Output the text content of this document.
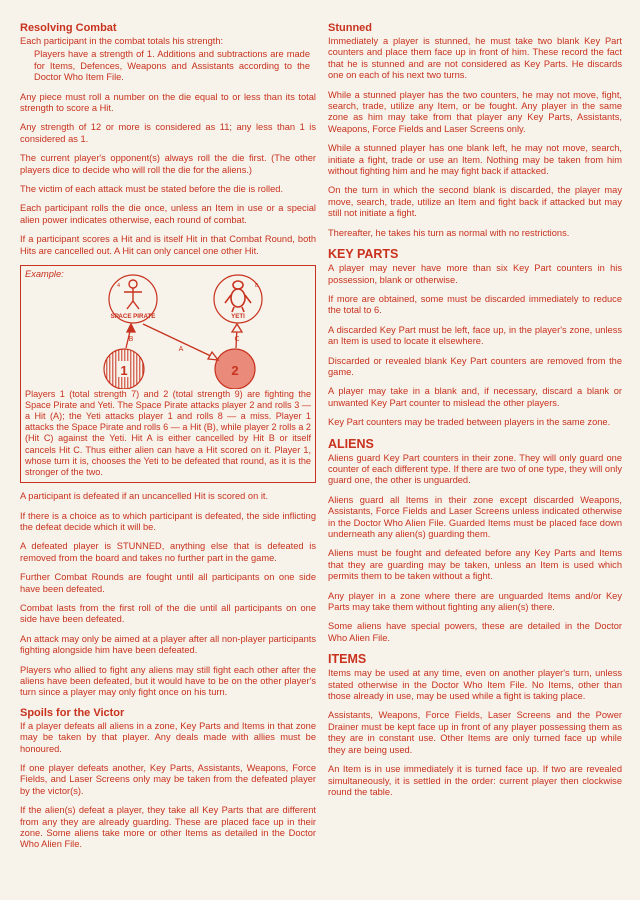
Resolving Combat

Each participant in the combat totals his strength:

Players have a strength of 1. Additions and subtractions are made for Items, Defences, Weapons and Assistants according to the Doctor Who Item File.

Any piece must roll a number on the die equal to or less than its total strength to score a Hit.

Any strength of 12 or more is considered as 11; any less than 1 is considered as 1.

The current player's opponent(s) always roll the die first. (The other players dice to decide who will roll the die for the aliens.)

The victim of each attack must be stated before the die is rolled.

Each participant rolls the die once, unless an Item in use or a special alien power indicates otherwise, each round of combat.

If a participant scores a Hit and is itself Hit in that Combat Round, both Hits are cancelled out. A Hit can only cancel one other Hit.

Example:
4
SPACE PIRATE
8
YETI
1	2
B
A
C
Players 1 (total strength 7) and 2 (total strength 9) are fighting the Space Pirate and Yeti. The Space Pirate attacks player 2 and rolls 3 — a Hit (A); the Yeti attacks player 1 and rolls 8 — a miss. Player 1 attacks the Space Pirate and rolls 6 — a Hit (B), while player 2 rolls a 2 (Hit C) against the Yeti. Hit A is either cancelled by Hit B or itself cancels Hit C. Thus either alien can have a Hit scored on it. Player 1, whose turn it is, chooses the Yeti to be defeated that round, as it is the stronger of the two.

A participant is defeated if an uncancelled Hit is scored on it.

If there is a choice as to which participant is defeated, the side inflicting the defeat decide which it will be.

A defeated player is STUNNED, anything else that is defeated is removed from the board and takes no further part in the game.

Further Combat Rounds are fought until all participants on one side have been defeated.

Combat lasts from the first roll of the die until all participants on one side have been defeated.

An attack may only be aimed at a player after all non-player participants fighting alongside him have been defeated.

Players who allied to fight any aliens may still fight each other after the aliens have been defeated, but it would have to be on the other player's turn since a player may only fight once on his turn.

Spoils for the Victor

If a player defeats all aliens in a zone, Key Parts and Items in that zone may be taken by that player. Any deals made with allies must be honoured.

If one player defeats another, Key Parts, Assistants, Weapons, Force Fields, and Laser Screens only may be taken from the defeated player by the victor(s).

If the alien(s) defeat a player, they take all Key Parts that are different from any they are already guarding. These are placed face up in their zone. Some aliens take more or other Items as detailed in the Doctor Who Alien File.

Stunned

Immediately a player is stunned, he must take two blank Key Part counters and place them face up in front of him. These record the fact that he is stunned and are not considered as Key Parts. He discards one on each of his next two turns.

While a stunned player has the two counters, he may not move, fight, search, trade, utilize any Item, or be fought. Any player in the same zone as him may take from that player any Key Parts, Assistants, Weapons, Force Fields and Laser Screens only.

While a stunned player has one blank left, he may not move, search, initiate a fight, trade or use an Item. Nothing may be taken from him without fighting him and he may fight back if attacked.

On the turn in which the second blank is discarded, the player may move, search, trade, utilize an Item and fight back if attacked but may still not initiate a fight.

Thereafter, he takes his turn as normal with no restrictions.

KEY PARTS

A player may never have more than six Key Part counters in his possession, blank or otherwise.

If more are obtained, some must be discarded immediately to reduce the total to 6.

A discarded Key Part must be left, face up, in the player's zone, unless an Item is used to locate it elsewhere.

Discarded or revealed blank Key Part counters are removed from the game.

A player may take in a blank and, if necessary, discard a blank or unwanted Key Part counter to mislead the other players.

Key Part counters may be traded between players in the same zone.

ALIENS

Aliens guard Key Part counters in their zone. They will only guard one counter of each different type. If there are two of one type, they will only guard one, the other is unguarded.

Aliens guard all Items in their zone except discarded Weapons, Assistants, Force Fields and Laser Screens unless indicated otherwise in the Doctor Who Alien File. Guarded Items must be placed face down underneath any alien(s) guarding them.

Aliens must be fought and defeated before any Key Parts and Items that they are guarding may be taken, unless an Item is used which permits them to be taken without a fight.

Any player in a zone where there are unguarded Items and/or Key Parts may take them without fighting any alien(s) there.

Some aliens have special powers, these are detailed in the Doctor Who Alien File.

ITEMS

Items may be used at any time, even on another player's turn, unless stated otherwise in the Doctor Who Item File. No Items, other than those already in use, may be used while a fight is taking place.

Assistants, Weapons, Force Fields, Laser Screens and the Power Drainer must be kept face up in front of any player possessing them as they are in constant use. Other Items are only turned face up while they are being used.

An Item is in use immediately it is turned face up. If two are revealed simultaneously, it is settled in the order: current player then clockwise round the table.
